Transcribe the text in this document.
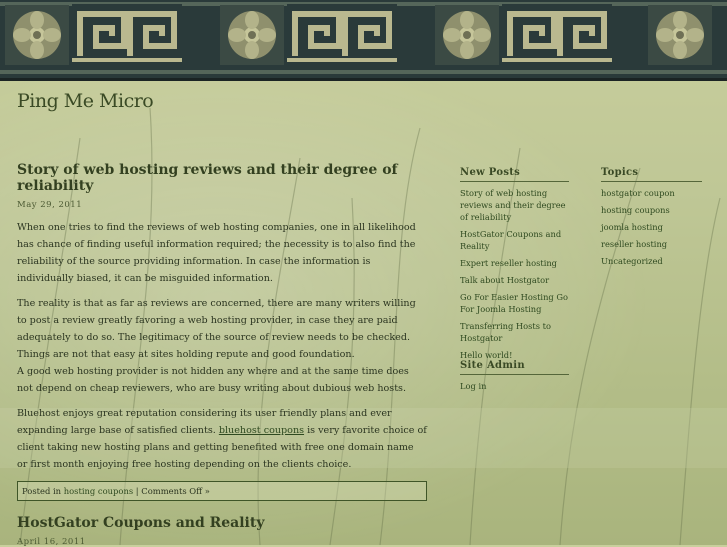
Ping Me Micro
Story of web hosting reviews and their degree of reliability
May 29, 2011

When one tries to find the reviews of web hosting companies, one in all likelihood has chance of finding useful information required; the necessity is to also find the reliability of the source providing information. In case the information is individually biased, it can be misguided information.

The reality is that as far as reviews are concerned, there are many writers willing to post a review greatly favoring a web hosting provider, in case they are paid adequately to do so. The legitimacy of the source of review needs to be checked. Things are not that easy at sites holding repute and good foundation.

A good web hosting provider is not hidden any where and at the same time does not depend on cheap reviewers, who are busy writing about dubious web hosts.

Bluehost enjoys great reputation considering its user friendly plans and ever expanding large base of satisfied clients. bluehost coupons is very favorite choice of client taking new hosting plans and getting benefited with free one domain name or first month enjoying free hosting depending on the clients choice.

Posted in hosting coupons | Comments Off »
HostGator Coupons and Reality
April 16, 2011
New Posts
Story of web hosting reviews and their degree of reliability
HostGator Coupons and Reality
Expert reseller hosting
Talk about Hostgator
Go For Easier Hosting Go For Joomla Hosting
Transferring Hosts to Hostgator
Hello world!
Site Admin
Log in
Topics
hostgator coupon
hosting coupons
joomla hosting
reseller hosting
Uncategorized
